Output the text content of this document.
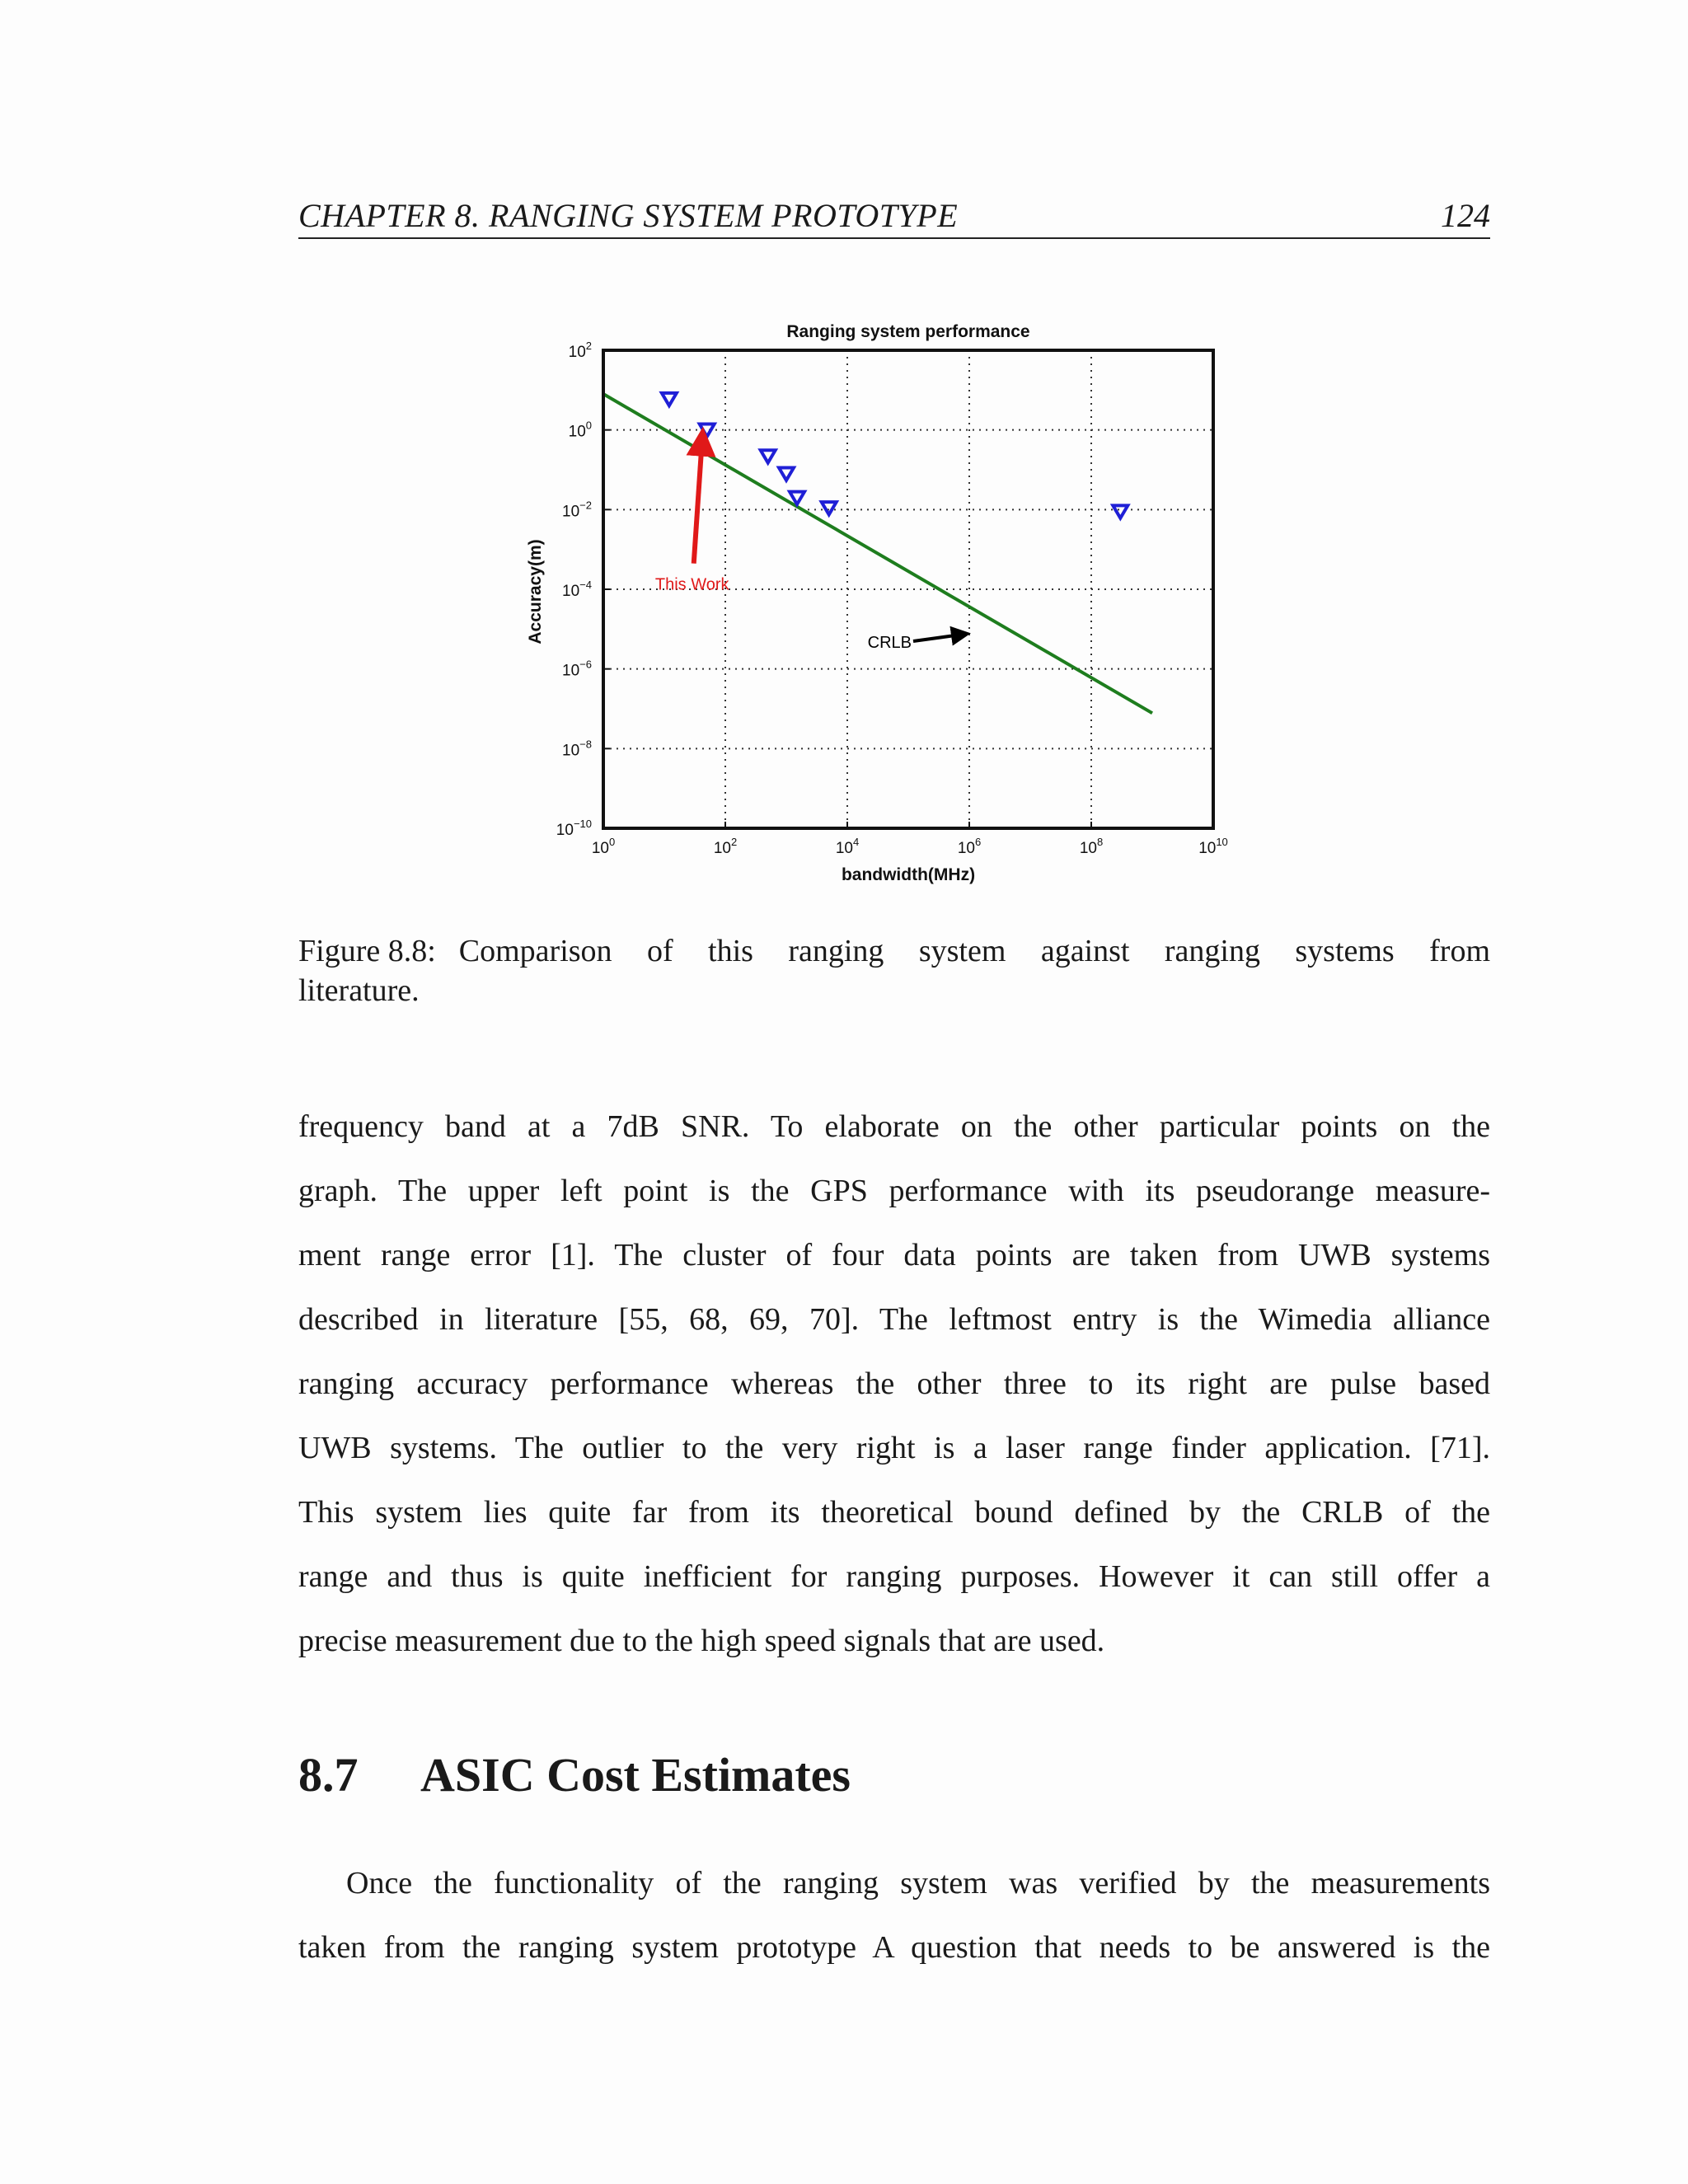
CHAPTER 8. RANGING SYSTEM PROTOTYPE	124
Ranging system performance
bandwidth(MHz)
Accuracy(m)
$10^0$	$10^2$	$10^4$	$10^6$	$10^8$	$10^{10}$
$10^2$
$10^0$
$10^{-2}$
$10^{-4}$
$10^{-6}$
$10^{-8}$
$10^{-10}$
This Work
CRLB
Figure 8.8: Comparison of this ranging system against ranging systems from
literature.
frequency band at a 7dB SNR. To elaborate on the other particular points on the
graph. The upper left point is the GPS performance with its pseudorange measure-
ment range error [1]. The cluster of four data points are taken from UWB systems
described in literature [55, 68, 69, 70]. The leftmost entry is the Wimedia alliance
ranging accuracy performance whereas the other three to its right are pulse based
UWB systems. The outlier to the very right is a laser range finder application. [71].
This system lies quite far from its theoretical bound defined by the CRLB of the
range and thus is quite inefficient for ranging purposes. However it can still offer a
precise measurement due to the high speed signals that are used.
8.7 ASIC Cost Estimates
Once the functionality of the ranging system was verified by the measurements
taken from the ranging system prototype A question that needs to be answered is the
